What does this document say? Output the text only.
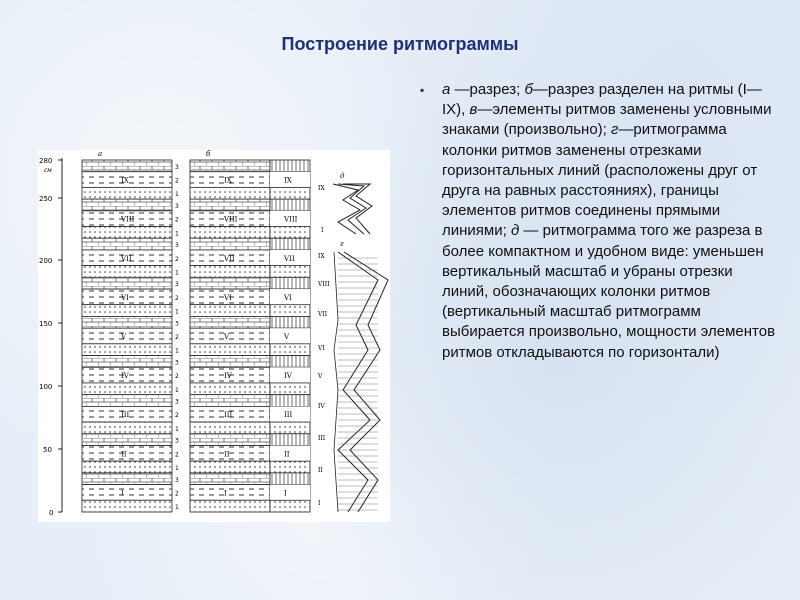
Построение ритмограммы
280
см
250
200
150
100
50
0
а	б
д
г
IX
VIII
VII
VI
V
IV
III
II
I
IX
VIII
VII
VI
V
IV
III
II
I
IX
VIII
VII
VI
V
IV
III
II
I
3
2
1
3
2
1
3
2
1
3
2
1
3
2
1
3
2
1
3
2
1
3
2
1
3
2
1
IX
I
IX
VIII
VII
VI
V
IV
III
II
I
▪ а —разрез; б—разрез разделен на ритмы (I—IX), в—элементы ритмов заменены условными знаками (произвольно); г—ритмограмма колонки ритмов заменены отрезками горизонтальных линий (расположены друг от друга на равных расстояниях), границы элементов ритмов соединены прямыми линиями; д — ритмограмма того же разреза в более компактном и удобном виде: уменьшен вертикальный масштаб и убраны отрезки линий, обозначающих колонки ритмов (вертикальный масштаб ритмограмм выбирается произвольно, мощности элементов ритмов откладываются по горизонтали)
